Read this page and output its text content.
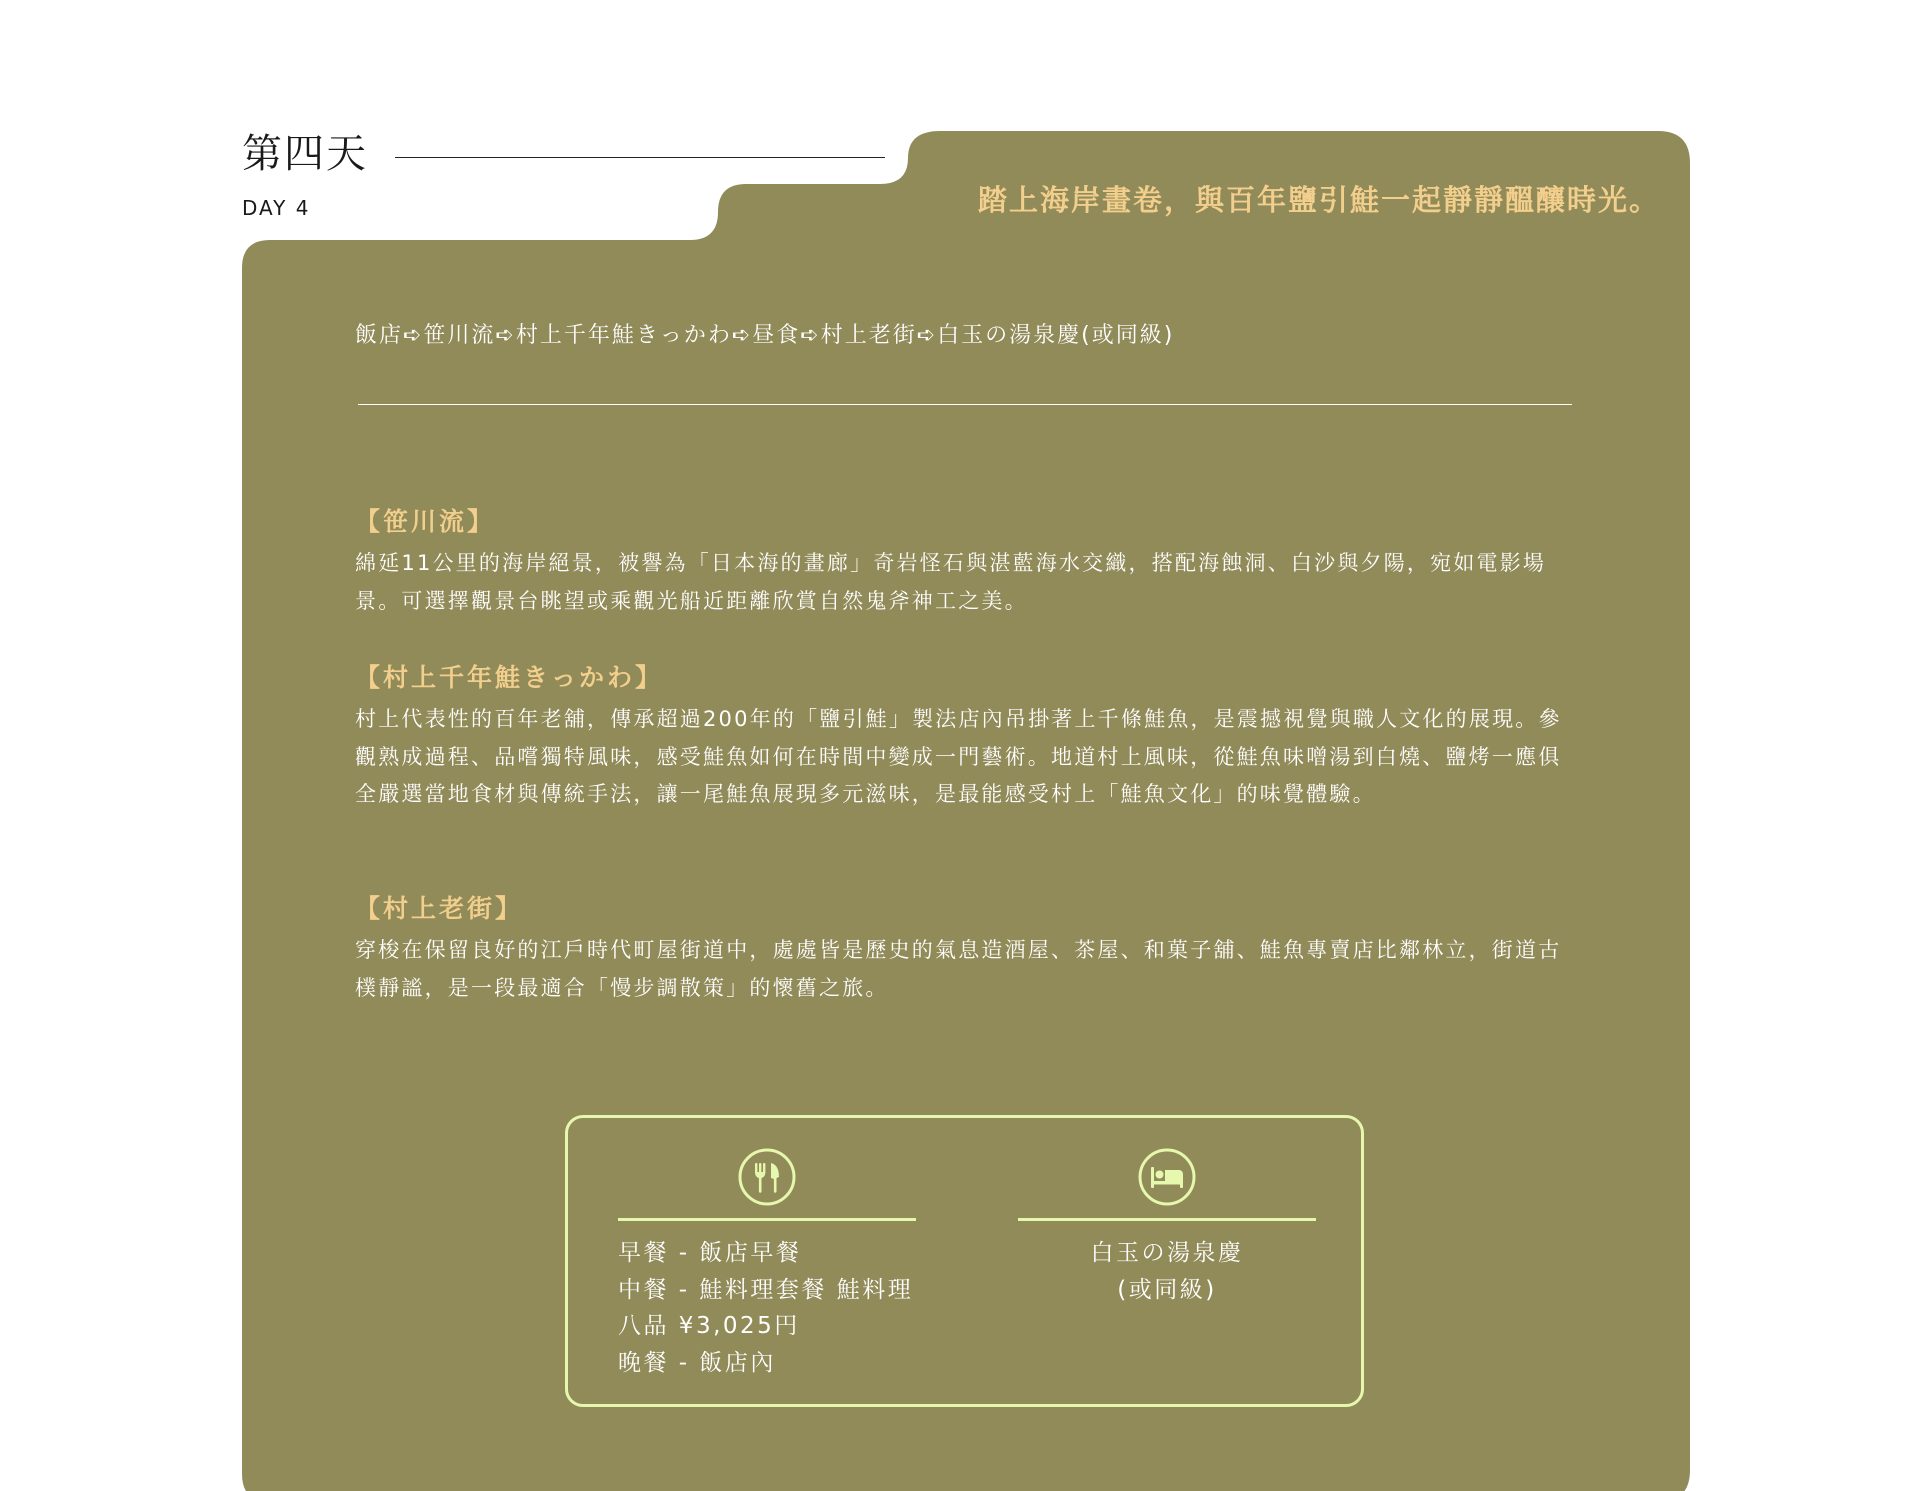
第四天
DAY 4	踏上海岸畫卷，與百年鹽引鮭一起靜靜醞釀時光。
飯店➪笹川流➪村上千年鮭きっかわ➪昼食➪村上老街➪白玉の湯泉慶(或同級)

【笹川流】

綿延11公里的海岸絕景，被譽為「日本海的畫廊」奇岩怪石與湛藍海水交織，搭配海蝕洞、白沙與夕陽，宛如電影場景。可選擇觀景台眺望或乘觀光船近距離欣賞自然鬼斧神工之美。

【村上千年鮭きっかわ】

村上代表性的百年老舖，傳承超過200年的「鹽引鮭」製法店內吊掛著上千條鮭魚，是震撼視覺與職人文化的展現。參觀熟成過程、品嚐獨特風味，感受鮭魚如何在時間中變成一門藝術。地道村上風味，從鮭魚味噌湯到白燒、鹽烤一應俱全嚴選當地食材與傳統手法，讓一尾鮭魚展現多元滋味，是最能感受村上「鮭魚文化」的味覺體驗。

【村上老街】

穿梭在保留良好的江戶時代町屋街道中，處處皆是歷史的氣息造酒屋、茶屋、和菓子舖、鮭魚專賣店比鄰林立，街道古樸靜謐，是一段最適合「慢步調散策」的懷舊之旅。

早餐 - 飯店早餐
中餐 - 鮭料理套餐 鮭料理 八品 ¥3,025円
晚餐 - 飯店內
白玉の湯泉慶
(或同級)
